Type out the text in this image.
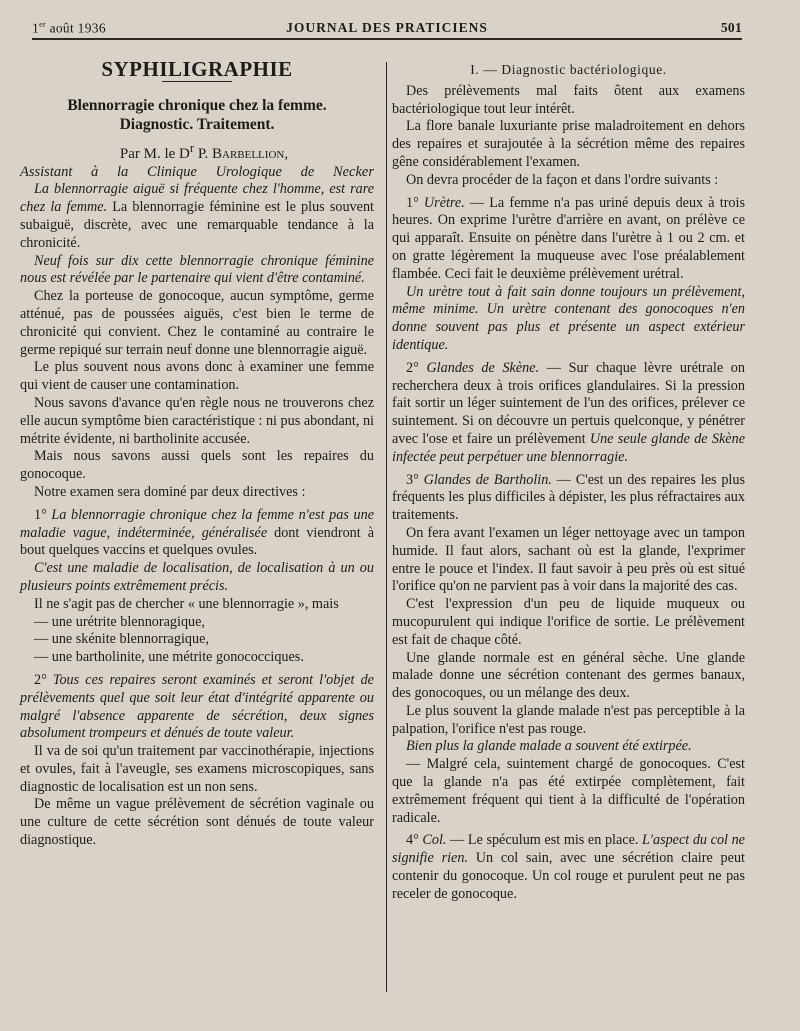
1er août 1936	JOURNAL DES PRATICIENS	501
SYPHILIGRAPHIE
Blennorragie chronique chez la femme.
Diagnostic. Traitement.

Par M. le $D^r$ P. Barbellion,

Assistant à la Clinique Urologique de Necker

La blennorragie aiguë si fréquente chez l'homme, est rare chez la femme. La blennorragie féminine est le plus souvent subaiguë, discrète, avec une remarquable tendance à la chronicité.

Neuf fois sur dix cette blennorragie chronique féminine nous est révélée par le partenaire qui vient d'être contaminé.

Chez la porteuse de gonocoque, aucun symptôme, germe atténué, pas de poussées aiguës, c'est bien le terme de chronicité qui convient. Chez le contaminé au contraire le germe repiqué sur terrain neuf donne une blennorragie aiguë.

Le plus souvent nous avons donc à examiner une femme qui vient de causer une contamination.

Nous savons d'avance qu'en règle nous ne trouverons chez elle aucun symptôme bien caractéristique : ni pus abondant, ni métrite évidente, ni bartholinite accusée.

Mais nous savons aussi quels sont les repaires du gonocoque.

Notre examen sera dominé par deux directives :

1° La blennorragie chronique chez la femme n'est pas une maladie vague, indéterminée, généralisée dont viendront à bout quelques vaccins et quelques ovules.

C'est une maladie de localisation, de localisation à un ou plusieurs points extrêmement précis.

Il ne s'agit pas de chercher « une blennorragie », mais

— une urétrite blennoragique,

— une skénite blennorragique,

— une bartholinite, une métrite gonococciques.

2° Tous ces repaires seront examinés et seront l'objet de prélèvements quel que soit leur état d'intégrité apparente ou malgré l'absence apparente de sécrétion, deux signes absolument trompeurs et dénués de toute valeur.

Il va de soi qu'un traitement par vaccinothérapie, injections et ovules, fait à l'aveugle, ses examens microscopiques, sans diagnostic de localisation est un non sens.

De même un vague prélèvement de sécrétion vaginale ou une culture de cette sécrétion sont dénués de toute valeur diagnostique.

I. — Diagnostic bactériologique.

Des prélèvements mal faits ôtent aux examens bactériologique tout leur intérêt.

La flore banale luxuriante prise maladroitement en dehors des repaires et surajoutée à la sécrétion même des repaires gêne considérablement l'examen.

On devra procéder de la façon et dans l'ordre suivants :

1° Urètre. — La femme n'a pas uriné depuis deux à trois heures. On exprime l'urètre d'arrière en avant, on prélève ce qui apparaît. Ensuite on pénètre dans l'urètre à 1 ou 2 cm. et on gratte légèrement la muqueuse avec l'ose préalablement flambée. Ceci fait le deuxième prélèvement urétral.

Un urètre tout à fait sain donne toujours un prélèvement, même minime. Un urètre contenant des gonocoques n'en donne souvent pas plus et présente un aspect extérieur identique.

2° Glandes de Skène. — Sur chaque lèvre urétrale on recherchera deux à trois orifices glandulaires. Si la pression fait sortir un léger suintement de l'un des orifices, prélever ce suintement. Si on découvre un pertuis quelconque, y pénétrer avec l'ose et faire un prélèvement Une seule glande de Skène infectée peut perpétuer une blennorragie.

3° Glandes de Bartholin. — C'est un des repaires les plus fréquents les plus difficiles à dépister, les plus réfractaires aux traitements.

On fera avant l'examen un léger nettoyage avec un tampon humide. Il faut alors, sachant où est la glande, l'exprimer entre le pouce et l'index. Il faut savoir à peu près où est situé l'orifice qu'on ne parvient pas à voir dans la majorité des cas.

C'est l'expression d'un peu de liquide muqueux ou mucopurulent qui indique l'orifice de sortie. Le prélèvement est fait de chaque côté.

Une glande normale est en général sèche. Une glande malade donne une sécrétion contenant des germes banaux, des gonocoques, ou un mélange des deux.

Le plus souvent la glande malade n'est pas perceptible à la palpation, l'orifice n'est pas rouge.

Bien plus la glande malade a souvent été extirpée.

— Malgré cela, suintement chargé de gonocoques. C'est que la glande n'a pas été extirpée complètement, fait extrêmement fréquent qui tient à la difficulté de l'opération radicale.

4° Col. — Le spéculum est mis en place. L'aspect du col ne signifie rien. Un col sain, avec une sécrétion claire peut contenir du gonocoque. Un col rouge et purulent peut ne pas receler de gonocoque.
